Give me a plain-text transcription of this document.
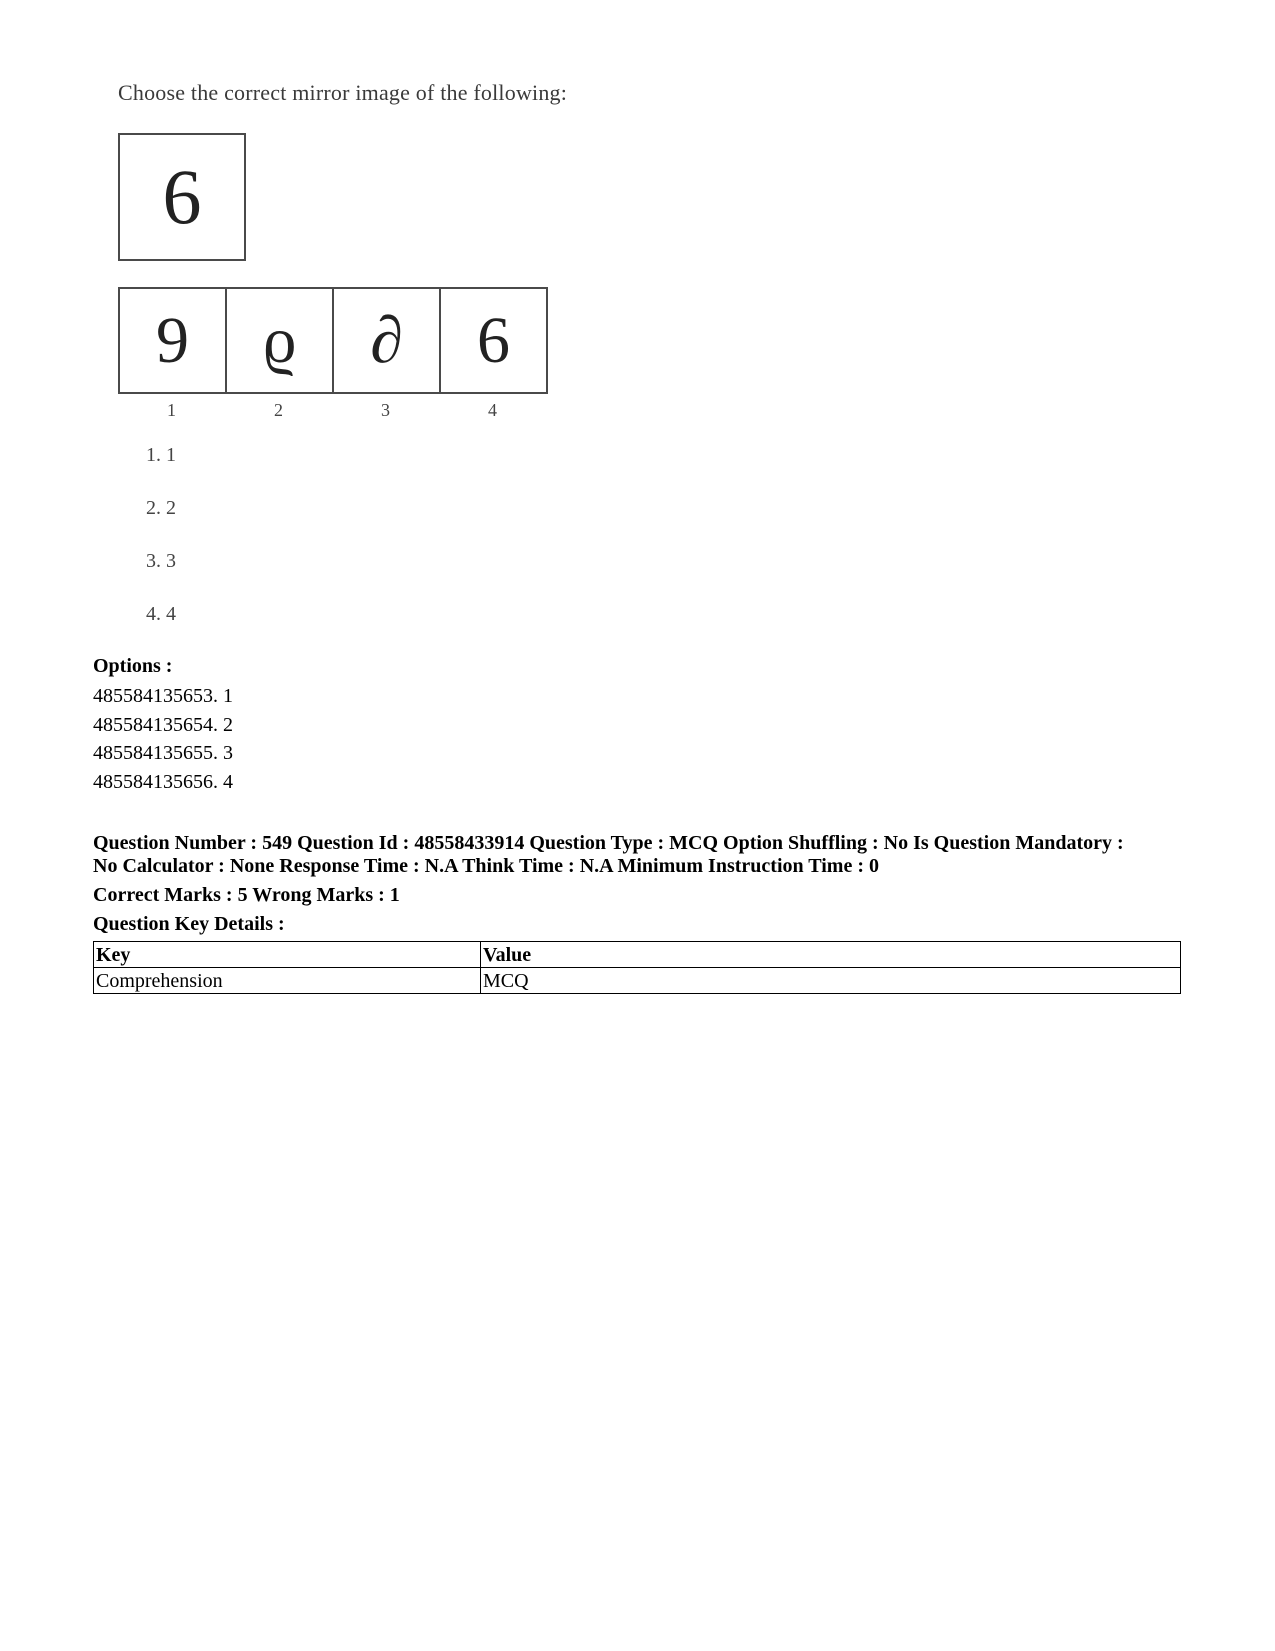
Choose the correct mirror image of the following:
6
9 ϱ ∂ 6
1	2	3	4
1. 1
2. 2
3. 3
4. 4
Options :
485584135653. 1
485584135654. 2
485584135655. 3
485584135656. 4
Question Number : 549 Question Id : 48558433914 Question Type : MCQ Option Shuffling : No Is Question Mandatory :
No Calculator : None Response Time : N.A Think Time : N.A Minimum Instruction Time : 0
Correct Marks : 5 Wrong Marks : 1
Question Key Details :
Key	Value
Comprehension	MCQ
